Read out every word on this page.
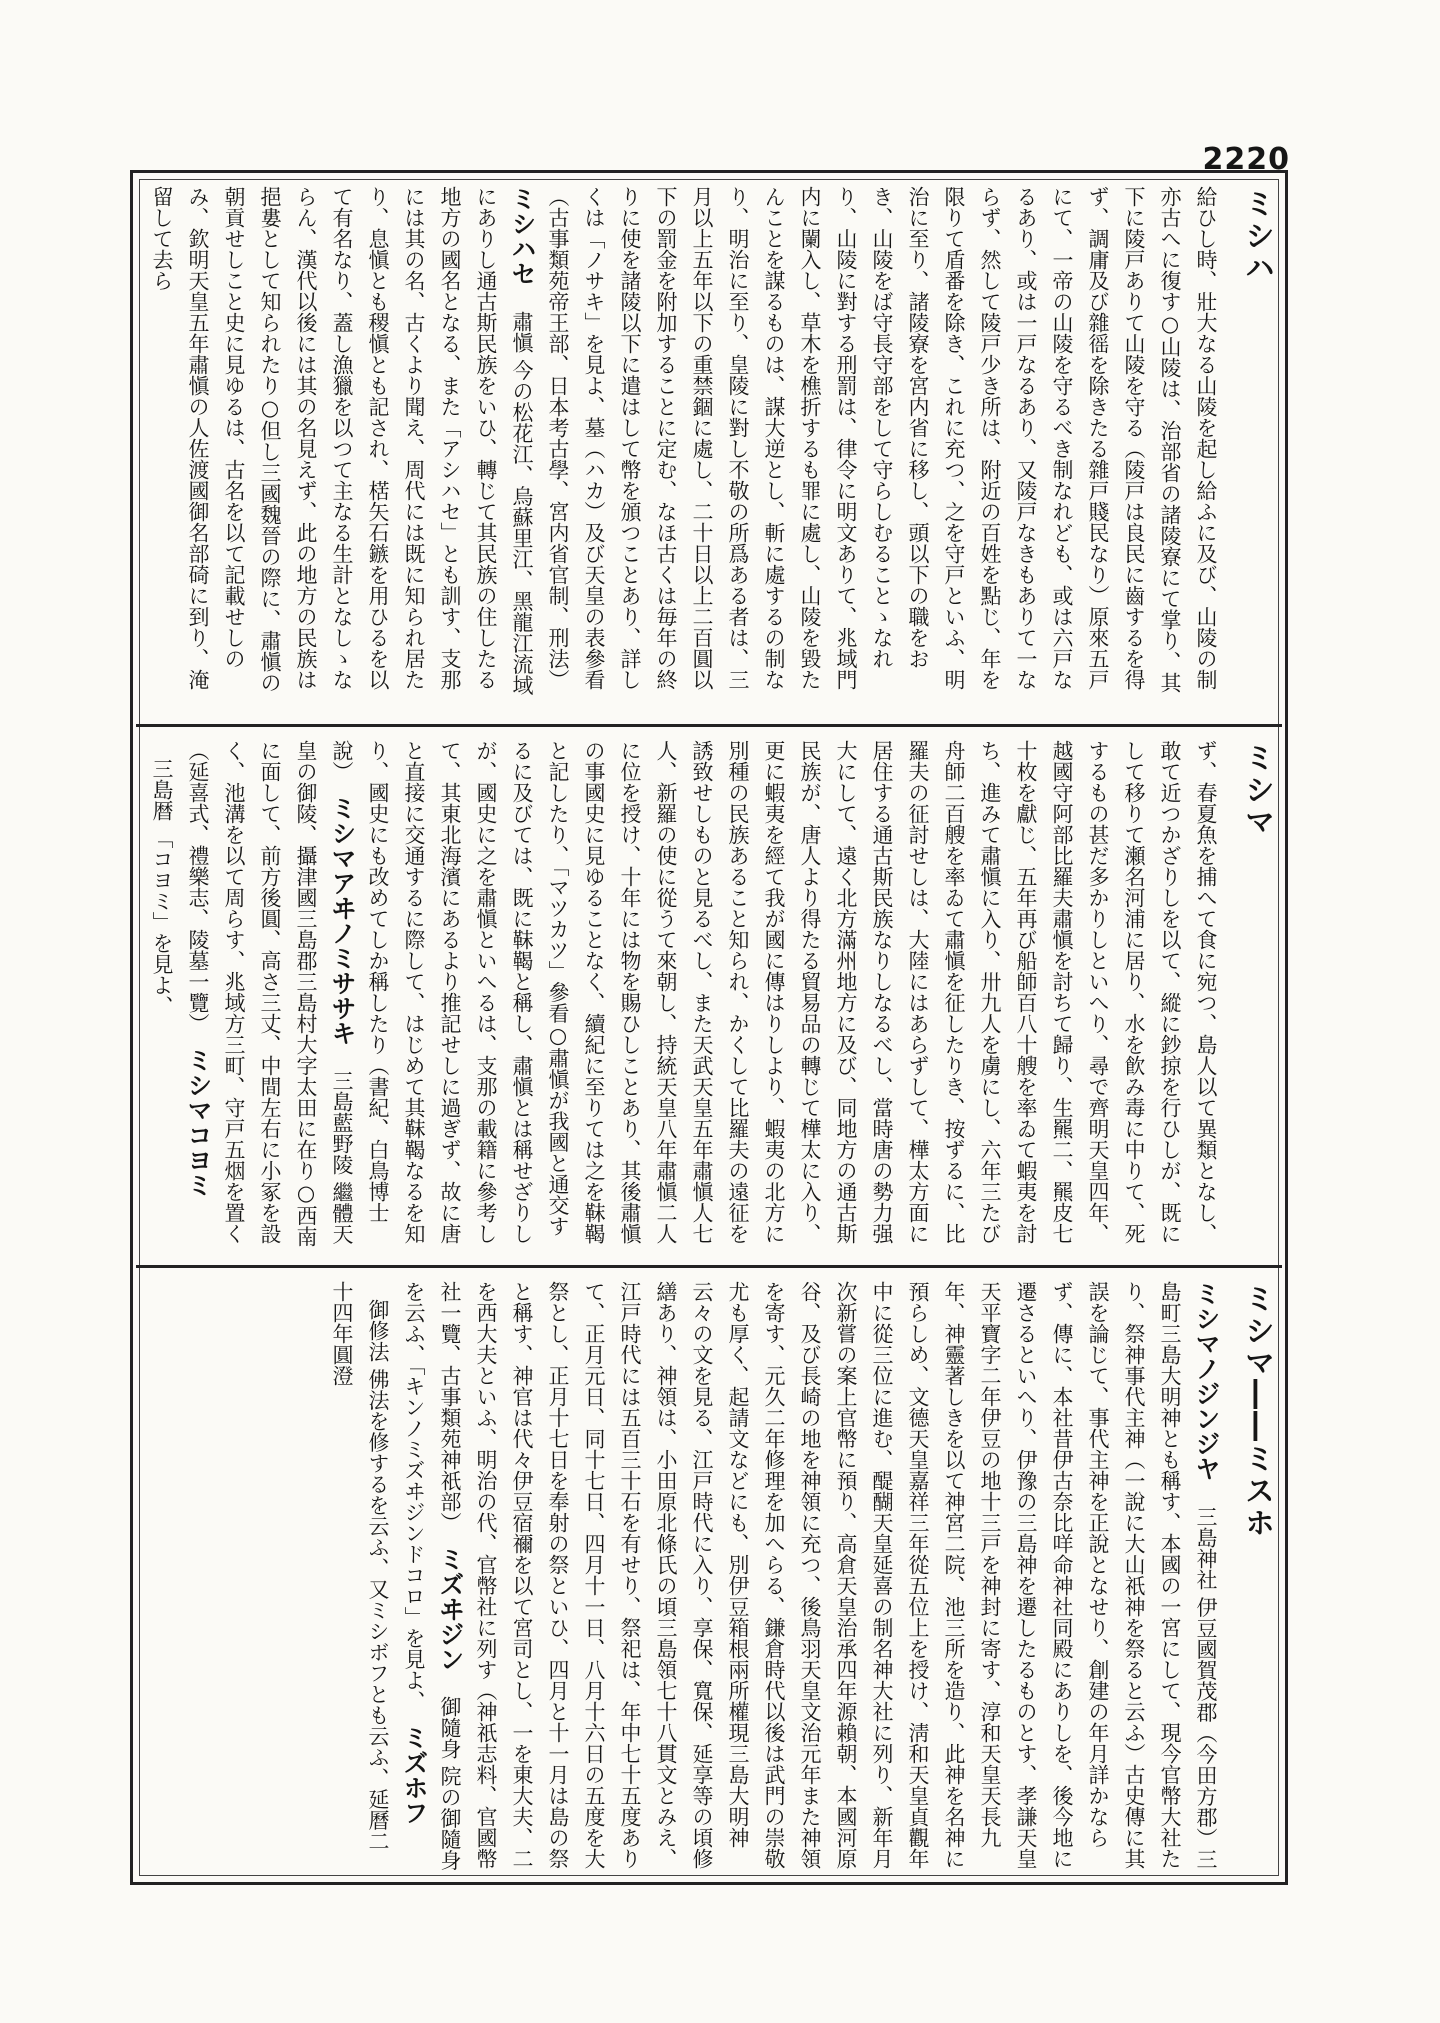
2220
ミシハ
給ひし時、壯大なる山陵を起し給ふに及び、山陵の制亦古へに復す○山陵は、治部省の諸陵寮にて掌り、其下に陵戸ありて山陵を守る（陵戸は良民に齒するを得ず、調庸及び雜徭を除きたる雜戸賤民なり）原來五戸にて、一帝の山陵を守るべき制なれども、或は六戸なるあり、或は一戸なるあり、又陵戸なきもありて一ならず、然して陵戸少き所は、附近の百姓を點じ、年を限りて盾番を除き、これに充つ、之を守戸といふ、明治に至り、諸陵寮を宮内省に移し、頭以下の職をおき、山陵をば守長守部をして守らしむることゝなれり、山陵に對する刑罰は、律令に明文ありて、兆域門内に闌入し、草木を樵折するも罪に處し、山陵を毀たんことを謀るものは、謀大逆とし、斬に處するの制なり、明治に至り、皇陵に對し不敬の所爲ある者は、三月以上五年以下の重禁錮に處し、二十日以上二百圓以下の罰金を附加することに定む、なほ古くは毎年の終りに使を諸陵以下に遣はして幣を頒つことあり、詳しくは「ノサキ」を見よ、墓（ハカ）及び天皇の表參看（古事類苑帝王部、日本考古學、宮内省官制、刑法）  ミシハセ 肅愼 今の松花江、烏蘇里江、黑龍江流域にありし通古斯民族をいひ、轉じて其民族の住したる地方の國名となる、また「アシハセ」とも訓す、支那には其の名、古くより聞え、周代には既に知られ居たり、息愼とも稷愼とも記され、楛矢石鏃を用ひるを以て有名なり、蓋し漁獵を以つて主なる生計となしゝならん、漢代以後には其の名見えず、此の地方の民族は挹婁として知られたり○但し三國魏晉の際に、肅愼の朝貢せしこと史に見ゆるは、古名を以て記載せしのみ、欽明天皇五年肅愼の人佐渡國御名部碕に到り、淹留して去ら
ミシマ
ず、春夏魚を捕へて食に宛つ、島人以て異類となし、敢て近つかざりしを以て、縱に鈔掠を行ひしが、既にして移りて瀬名河浦に居り、水を飮み毒に中りて、死するもの甚だ多かりしといへり、尋で齊明天皇四年、越國守阿部比羅夫肅愼を討ちて歸り、生羆二、羆皮七十枚を獻じ、五年再び船師百八十艘を率ゐて蝦夷を討ち、進みて肅愼に入り、卅九人を虜にし、六年三たび舟師二百艘を率ゐて肅愼を征したりき、按ずるに、比羅夫の征討せしは、大陸にはあらずして、樺太方面に居住する通古斯民族なりしなるべし、當時唐の勢力强大にして、遠く北方滿州地方に及び、同地方の通古斯民族が、唐人より得たる貿易品の轉じて樺太に入り、更に蝦夷を經て我が國に傳はりしより、蝦夷の北方に別種の民族あること知られ、かくして比羅夫の遠征を誘致せしものと見るべし、また天武天皇五年肅愼人七人、新羅の使に從うて來朝し、持統天皇八年肅愼二人に位を授け、十年には物を賜ひしことあり、其後肅愼の事國史に見ゆることなく、續紀に至りては之を靺鞨と記したり、「マツカツ」參看○肅愼が我國と通交するに及びては、既に靺鞨と稱し、肅愼とは稱せざりしが、國史に之を肅愼といへるは、支那の載籍に參考して、其東北海濱にあるより推記せしに過ぎず、故に唐と直接に交通するに際して、はじめて其靺鞨なるを知り、國史にも改めてしか稱したり（書紀、白鳥博士說）  ミシマアヰノミササキ 三島藍野陵 繼體天皇の御陵、攝津國三島郡三島村大字太田に在り○西南に面して、前方後圓、高さ三丈、中間左右に小冢を設く、池溝を以て周らす、兆域方三町、守戸五烟を置く（延喜式、禮樂志、陵墓一覽）  ミシマコヨミ 三島暦 「コヨミ」を見よ、
ミシマ――ミスホ
ミシマノジンジヤ 三島神社 伊豆國賀茂郡（今田方郡）三島町三島大明神とも稱す、本國の一宮にして、現今官幣大社たり、祭神事代主神（一說に大山祇神を祭ると云ふ）古史傳に其誤を論じて、事代主神を正說となせり、創建の年月詳かならず、傳に、本社昔伊古奈比咩命神社同殿にありしを、後今地に遷さるといへり、伊豫の三島神を遷したるものとす、孝謙天皇天平寶字二年伊豆の地十三戸を神封に寄す、淳和天皇天長九年、神靈著しきを以て神宮二院、池三所を造り、此神を名神に預らしめ、文德天皇嘉祥三年從五位上を授け、淸和天皇貞觀年中に從三位に進む、醍醐天皇延喜の制名神大社に列り、新年月次新嘗の案上官幣に預り、高倉天皇治承四年源賴朝、本國河原谷、及び長崎の地を神領に充つ、後鳥羽天皇文治元年また神領を寄す、元久二年修理を加へらる、鎌倉時代以後は武門の崇敬尤も厚く、起請文などにも、別伊豆箱根兩所權現三島大明神云々の文を見る、江戸時代に入り、享保、寬保、延享等の頃修繕あり、神領は、小田原北條氏の頃三島領七十八貫文とみえ、江戸時代には五百三十石を有せり、祭祀は、年中七十五度ありて、正月元日、同十七日、四月十一日、八月十六日の五度を大祭とし、正月十七日を奉射の祭といひ、四月と十一月は島の祭と稱す、神官は代々伊豆宿禰を以て宮司とし、一を東大夫、二を西大夫といふ、明治の代、官幣社に列す（神祇志料、官國幣社一覽、古事類苑神祇部）  ミズヰジン 御隨身 院の御隨身を云ふ、「キンノミズヰジンドコロ」を見よ、  ミズホフ 御修法 佛法を修するを云ふ、又ミシボフとも云ふ、延曆二十四年圓澄
